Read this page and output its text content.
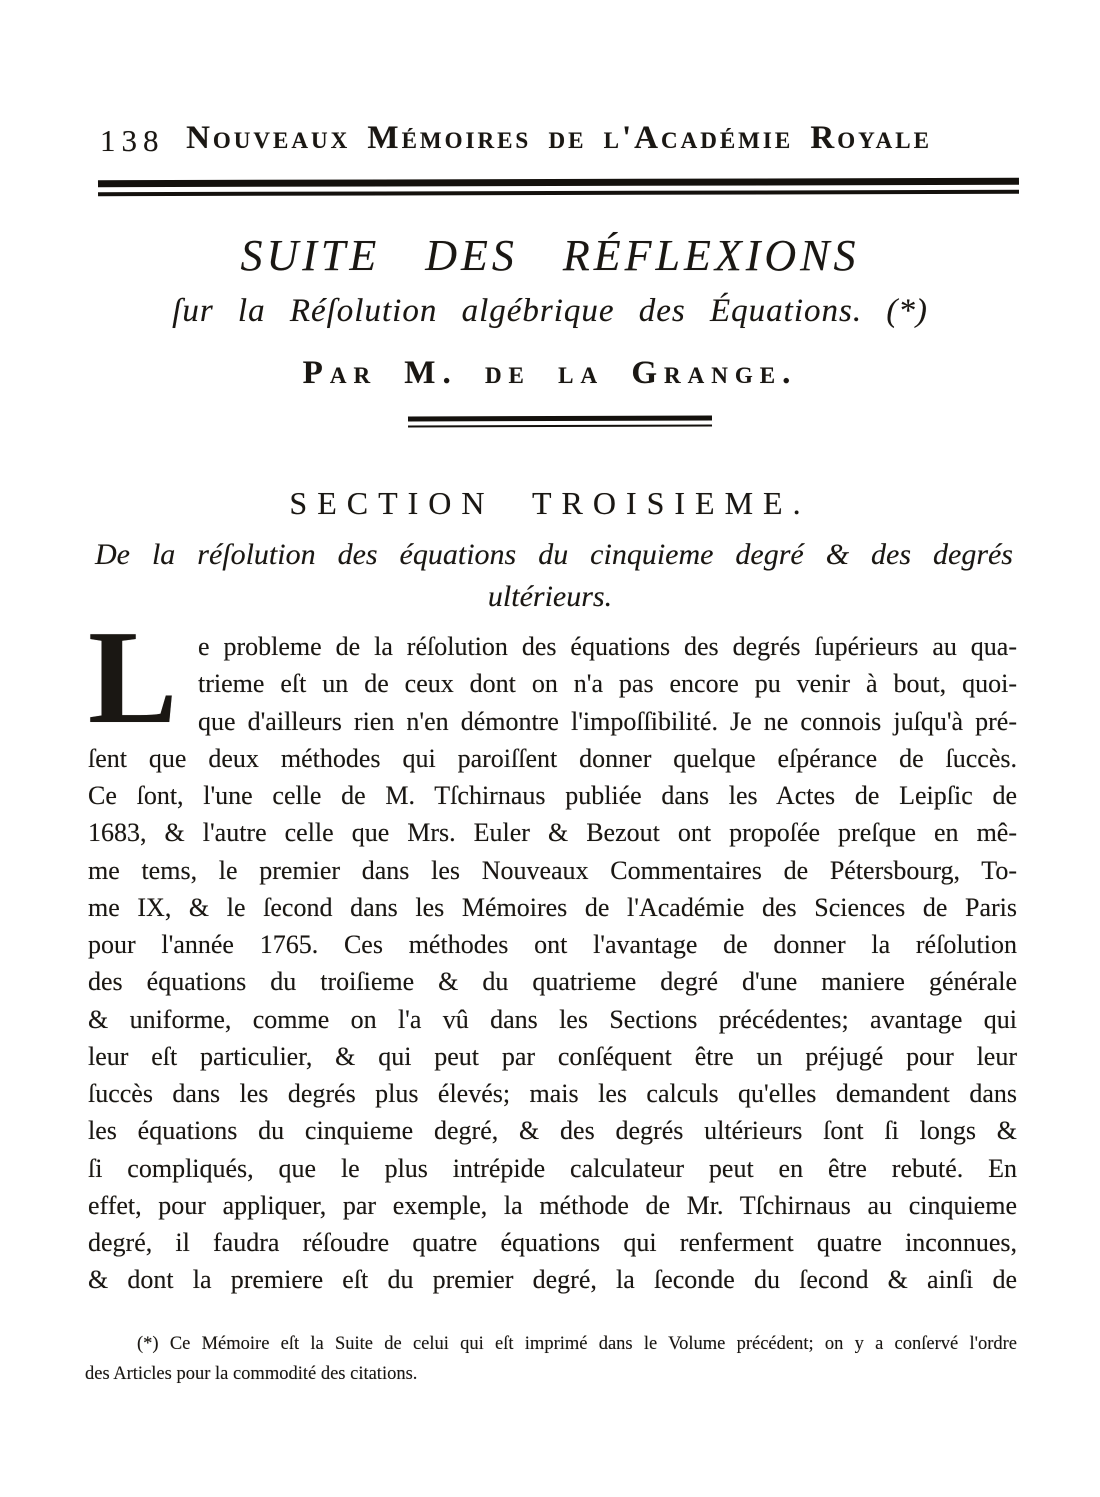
138 Nouveaux Mémoires de l'Académie Royale
SUITE DES RÉFLEXIONS
ſur la Réſolution algébrique des Équations. (*)
Par M. de la Grange.
SECTION TROISIEME.
De la réſolution des équations du cinquieme degré & des degrés
ultérieurs.
L e probleme de la réſolution des équations des degrés ſupérieurs au qua-
trieme eſt un de ceux dont on n'a pas encore pu venir à bout, quoi-
que d'ailleurs rien n'en démontre l'impoſſibilité. Je ne connois juſqu'à pré-
ſent que deux méthodes qui paroiſſent donner quelque eſpérance de ſuccès.
Ce ſont, l'une celle de M. Tſchirnaus publiée dans les Actes de Leipſic de
1683, & l'autre celle que Mrs. Euler & Bezout ont propoſée preſque en mê-
me tems, le premier dans les Nouveaux Commentaires de Pétersbourg, To-
me IX, & le ſecond dans les Mémoires de l'Académie des Sciences de Paris
pour l'année 1765. Ces méthodes ont l'avantage de donner la réſolution
des équations du troiſieme & du quatrieme degré d'une maniere générale
& uniforme, comme on l'a vû dans les Sections précédentes; avantage qui
leur eſt particulier, & qui peut par conſéquent être un préjugé pour leur
ſuccès dans les degrés plus élevés; mais les calculs qu'elles demandent dans
les équations du cinquieme degré, & des degrés ultérieurs ſont ſi longs &
ſi compliqués, que le plus intrépide calculateur peut en être rebuté. En
effet, pour appliquer, par exemple, la méthode de Mr. Tſchirnaus au cinquieme
degré, il faudra réſoudre quatre équations qui renferment quatre inconnues,
& dont la premiere eſt du premier degré, la ſeconde du ſecond & ainſi de
(*) Ce Mémoire eſt la Suite de celui qui eſt imprimé dans le Volume précédent; on y a conſervé l'ordre
des Articles pour la commodité des citations.
